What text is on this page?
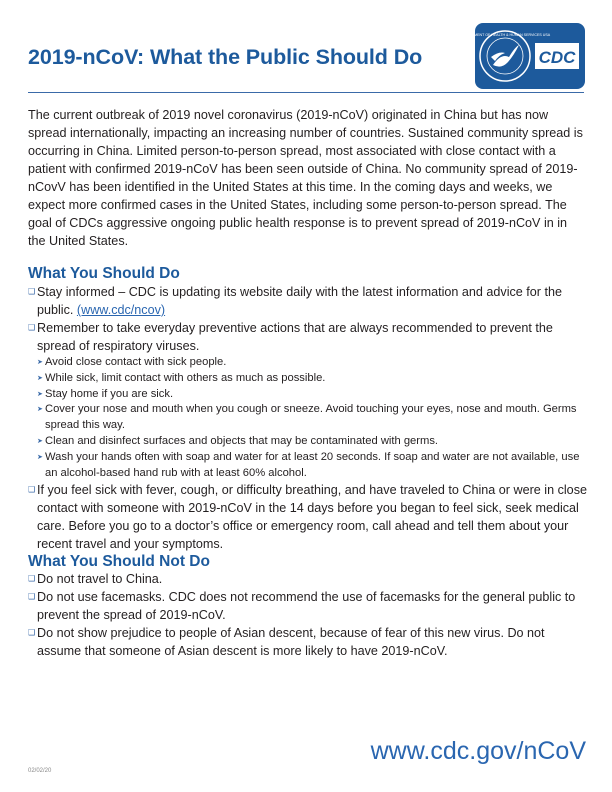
2019-nCoV: What the Public Should Do
DEPARTMENT OF HEALTH & HUMAN SERVICES USA
CDC

The current outbreak of 2019 novel coronavirus (2019-nCoV) originated in China but has now spread internationally, impacting an increasing number of countries. Sustained community spread is occurring in China. Limited person-to-person spread, most associated with close contact with a patient with confirmed 2019-nCoV has been seen outside of China. No community spread of 2019-nCovV has been identified in the United States at this time. In the coming days and weeks, we expect more confirmed cases in the United States, including some person-to-person spread. The goal of CDCs aggressive ongoing public health response is to prevent spread of 2019-nCoV in in the United States.

What You Should Do
❑ Stay informed – CDC is updating its website daily with the latest information and advice for the public. (www.cdc/ncov)
❑ Remember to take everyday preventive actions that are always recommended to prevent the spread of respiratory viruses.
➤ Avoid close contact with sick people.
➤ While sick, limit contact with others as much as possible.
➤ Stay home if you are sick.
➤ Cover your nose and mouth when you cough or sneeze. Avoid touching your eyes, nose and mouth. Germs spread this way.
➤ Clean and disinfect surfaces and objects that may be contaminated with germs.
➤ Wash your hands often with soap and water for at least 20 seconds. If soap and water are not available, use an alcohol-based hand rub with at least 60% alcohol.
❑ If you feel sick with fever, cough, or difficulty breathing, and have traveled to China or were in close contact with someone with 2019-nCoV in the 14 days before you began to feel sick, seek medical care. Before you go to a doctor’s office or emergency room, call ahead and tell them about your recent travel and your symptoms.
What You Should Not Do
❑ Do not travel to China.
❑ Do not use facemasks. CDC does not recommend the use of facemasks for the general public to prevent the spread of 2019-nCoV.
❑ Do not show prejudice to people of Asian descent, because of fear of this new virus. Do not assume that someone of Asian descent is more likely to have 2019-nCoV.
www.cdc.gov/nCoV
02/02/20
